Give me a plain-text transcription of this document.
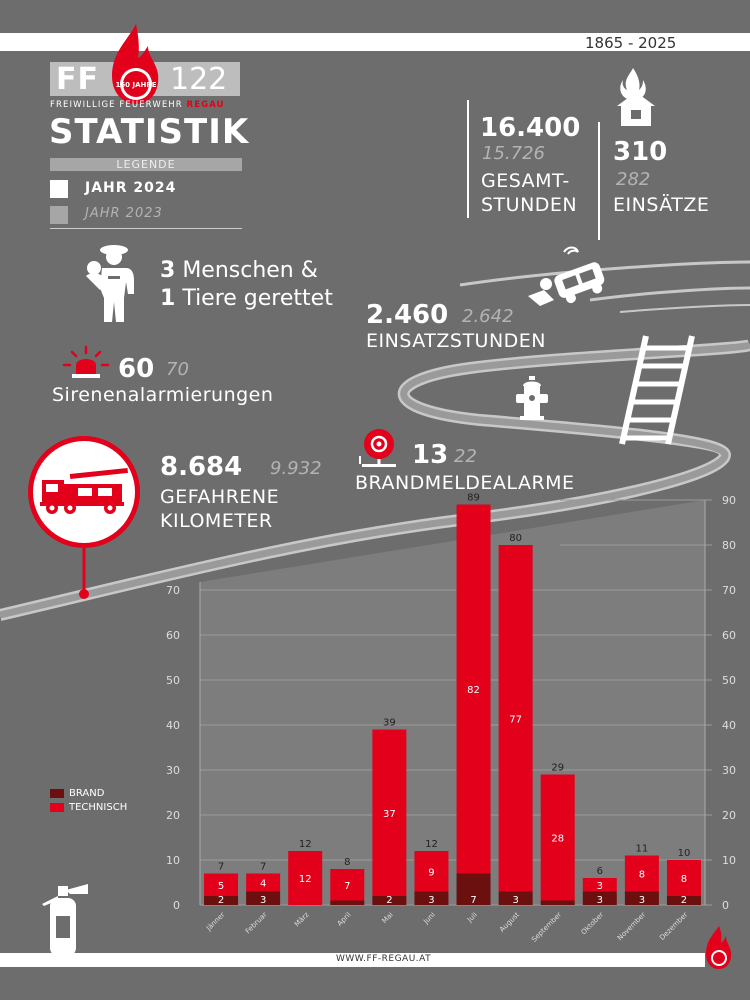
1865 - 2025
FF 122
160 JAHRE
FREIWILLIGE FEUERWEHR REGAU
STATISTIK
LEGENDE
JAHR 2024
JAHR 2023
16.400
15.726
GESAMT-
STUNDEN
310
282
EINSÄTZE
3 Menschen &
1 Tiere gerettet
2.460 2.642
EINSATZSTUNDEN
60 70
Sirenenalarmierungen
13 22
BRANDMELDEALARME
8.684 9.932
GEFAHRENE
KILOMETER
0
10
20
30
40
50
60
70
80
90
0
10
20
30
40
50
60
70
2
5
7
Jänner
3
4
7
Februar
12
12
März
7
8
April
2
37
39
Mai
3
9
12
Juni
7
82
89
Juli
3
77
80
August
28
29
September
3
3
6
Oktober
3
8
11
November
2
8
10
Dezember
BRAND
TECHNISCH
WWW.FF-REGAU.AT
